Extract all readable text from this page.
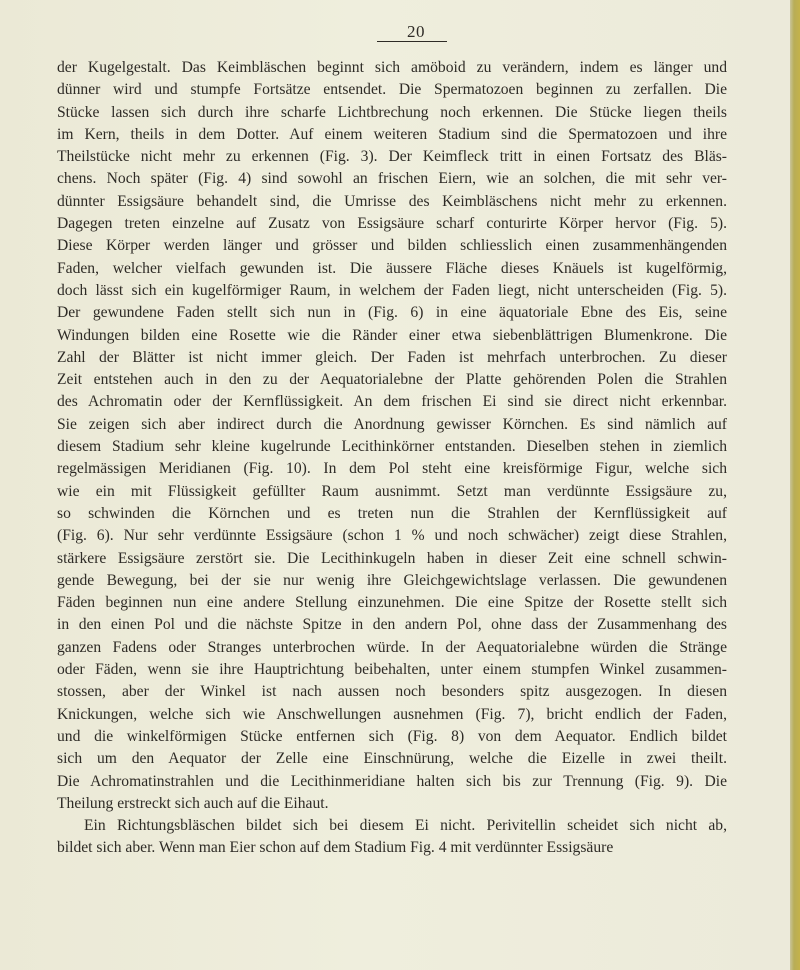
20
der Kugelgestalt. Das Keimbläschen beginnt sich amöboid zu verändern, indem es länger und
dünner wird und stumpfe Fortsätze entsendet. Die Spermatozoen beginnen zu zerfallen. Die
Stücke lassen sich durch ihre scharfe Lichtbrechung noch erkennen. Die Stücke liegen theils
im Kern, theils in dem Dotter. Auf einem weiteren Stadium sind die Spermatozoen und ihre
Theilstücke nicht mehr zu erkennen (Fig. 3). Der Keimfleck tritt in einen Fortsatz des Bläs-
chens. Noch später (Fig. 4) sind sowohl an frischen Eiern, wie an solchen, die mit sehr ver-
dünnter Essigsäure behandelt sind, die Umrisse des Keimbläschens nicht mehr zu erkennen.
Dagegen treten einzelne auf Zusatz von Essigsäure scharf conturirte Körper hervor (Fig. 5).
Diese Körper werden länger und grösser und bilden schliesslich einen zusammenhängenden
Faden, welcher vielfach gewunden ist. Die äussere Fläche dieses Knäuels ist kugelförmig,
doch lässt sich ein kugelförmiger Raum, in welchem der Faden liegt, nicht unterscheiden (Fig. 5).
Der gewundene Faden stellt sich nun in (Fig. 6) in eine äquatoriale Ebne des Eis, seine
Windungen bilden eine Rosette wie die Ränder einer etwa siebenblättrigen Blumenkrone. Die
Zahl der Blätter ist nicht immer gleich. Der Faden ist mehrfach unterbrochen. Zu dieser
Zeit entstehen auch in den zu der Aequatorialebne der Platte gehörenden Polen die Strahlen
des Achromatin oder der Kernflüssigkeit. An dem frischen Ei sind sie direct nicht erkennbar.
Sie zeigen sich aber indirect durch die Anordnung gewisser Körnchen. Es sind nämlich auf
diesem Stadium sehr kleine kugelrunde Lecithinkörner entstanden. Dieselben stehen in ziemlich
regelmässigen Meridianen (Fig. 10). In dem Pol steht eine kreisförmige Figur, welche sich
wie ein mit Flüssigkeit gefüllter Raum ausnimmt. Setzt man verdünnte Essigsäure zu,
so schwinden die Körnchen und es treten nun die Strahlen der Kernflüssigkeit auf
(Fig. 6). Nur sehr verdünnte Essigsäure (schon 1 % und noch schwächer) zeigt diese Strahlen,
stärkere Essigsäure zerstört sie. Die Lecithinkugeln haben in dieser Zeit eine schnell schwin-
gende Bewegung, bei der sie nur wenig ihre Gleichgewichtslage verlassen. Die gewundenen
Fäden beginnen nun eine andere Stellung einzunehmen. Die eine Spitze der Rosette stellt sich
in den einen Pol und die nächste Spitze in den andern Pol, ohne dass der Zusammenhang des
ganzen Fadens oder Stranges unterbrochen würde. In der Aequatorialebne würden die Stränge
oder Fäden, wenn sie ihre Hauptrichtung beibehalten, unter einem stumpfen Winkel zusammen-
stossen, aber der Winkel ist nach aussen noch besonders spitz ausgezogen. In diesen
Knickungen, welche sich wie Anschwellungen ausnehmen (Fig. 7), bricht endlich der Faden,
und die winkelförmigen Stücke entfernen sich (Fig. 8) von dem Aequator. Endlich bildet
sich um den Aequator der Zelle eine Einschnürung, welche die Eizelle in zwei theilt.
Die Achromatinstrahlen und die Lecithinmeridiane halten sich bis zur Trennung (Fig. 9). Die
Theilung erstreckt sich auch auf die Eihaut.
Ein Richtungsbläschen bildet sich bei diesem Ei nicht. Perivitellin scheidet sich nicht ab,
bildet sich aber. Wenn man Eier schon auf dem Stadium Fig. 4 mit verdünnter Essigsäure
